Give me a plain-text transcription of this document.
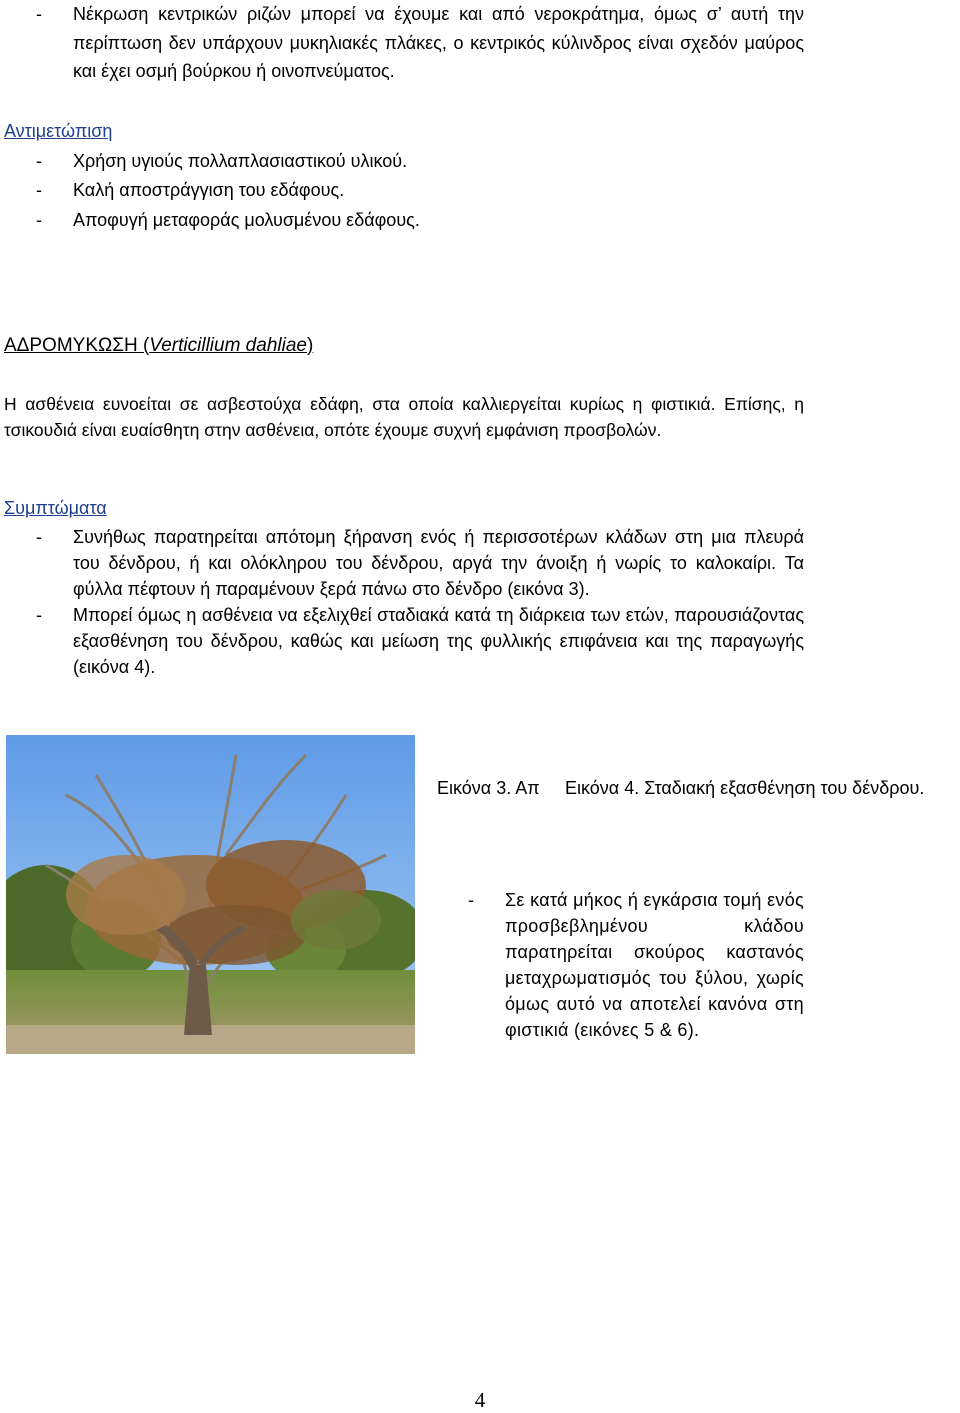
- Νέκρωση κεντρικών ριζών μπορεί να έχουμε και από νεροκράτημα, όμως σ’ αυτή την περίπτωση δεν υπάρχουν μυκηλιακές πλάκες, ο κεντρικός κύλινδρος είναι σχεδόν μαύρος και έχει οσμή βούρκου ή οινοπνεύματος.
Αντιμετώπιση
- Χρήση υγιούς πολλαπλασιαστικού υλικού.
- Καλή αποστράγγιση του εδάφους.
- Αποφυγή μεταφοράς μολυσμένου εδάφους.
ΑΔΡΟΜΥΚΩΣΗ (Verticillium dahliae)
Η ασθένεια ευνοείται σε ασβεστούχα εδάφη, στα οποία καλλιεργείται κυρίως η φιστικιά. Επίσης, η τσικουδιά είναι ευαίσθητη στην ασθένεια, οπότε έχουμε συχνή εμφάνιση προσβολών.
Συμπτώματα
- Συνήθως παρατηρείται απότομη ξήρανση ενός ή περισσοτέρων κλάδων στη μια πλευρά του δένδρου, ή και ολόκληρου του δένδρου, αργά την άνοιξη ή νωρίς το καλοκαίρι. Τα φύλλα πέφτουν ή παραμένουν ξερά πάνω στο δένδρο (εικόνα 3).
- Μπορεί όμως η ασθένεια να εξελιχθεί σταδιακά κατά τη διάρκεια των ετών, παρουσιάζοντας εξασθένηση του δένδρου, καθώς και μείωση της φυλλικής επιφάνεια και της παραγωγής (εικόνα 4).
Εικόνα 3. Απ Εικόνα 4. Σταδιακή εξασθένηση του δένδρου.
- Σε κατά μήκος ή εγκάρσια τομή ενός προσβεβλημένου κλάδου παρατηρείται σκούρος καστανός μεταχρωματισμός του ξύλου, χωρίς όμως αυτό να αποτελεί κανόνα στη φιστικιά (εικόνες 5 & 6).
4
